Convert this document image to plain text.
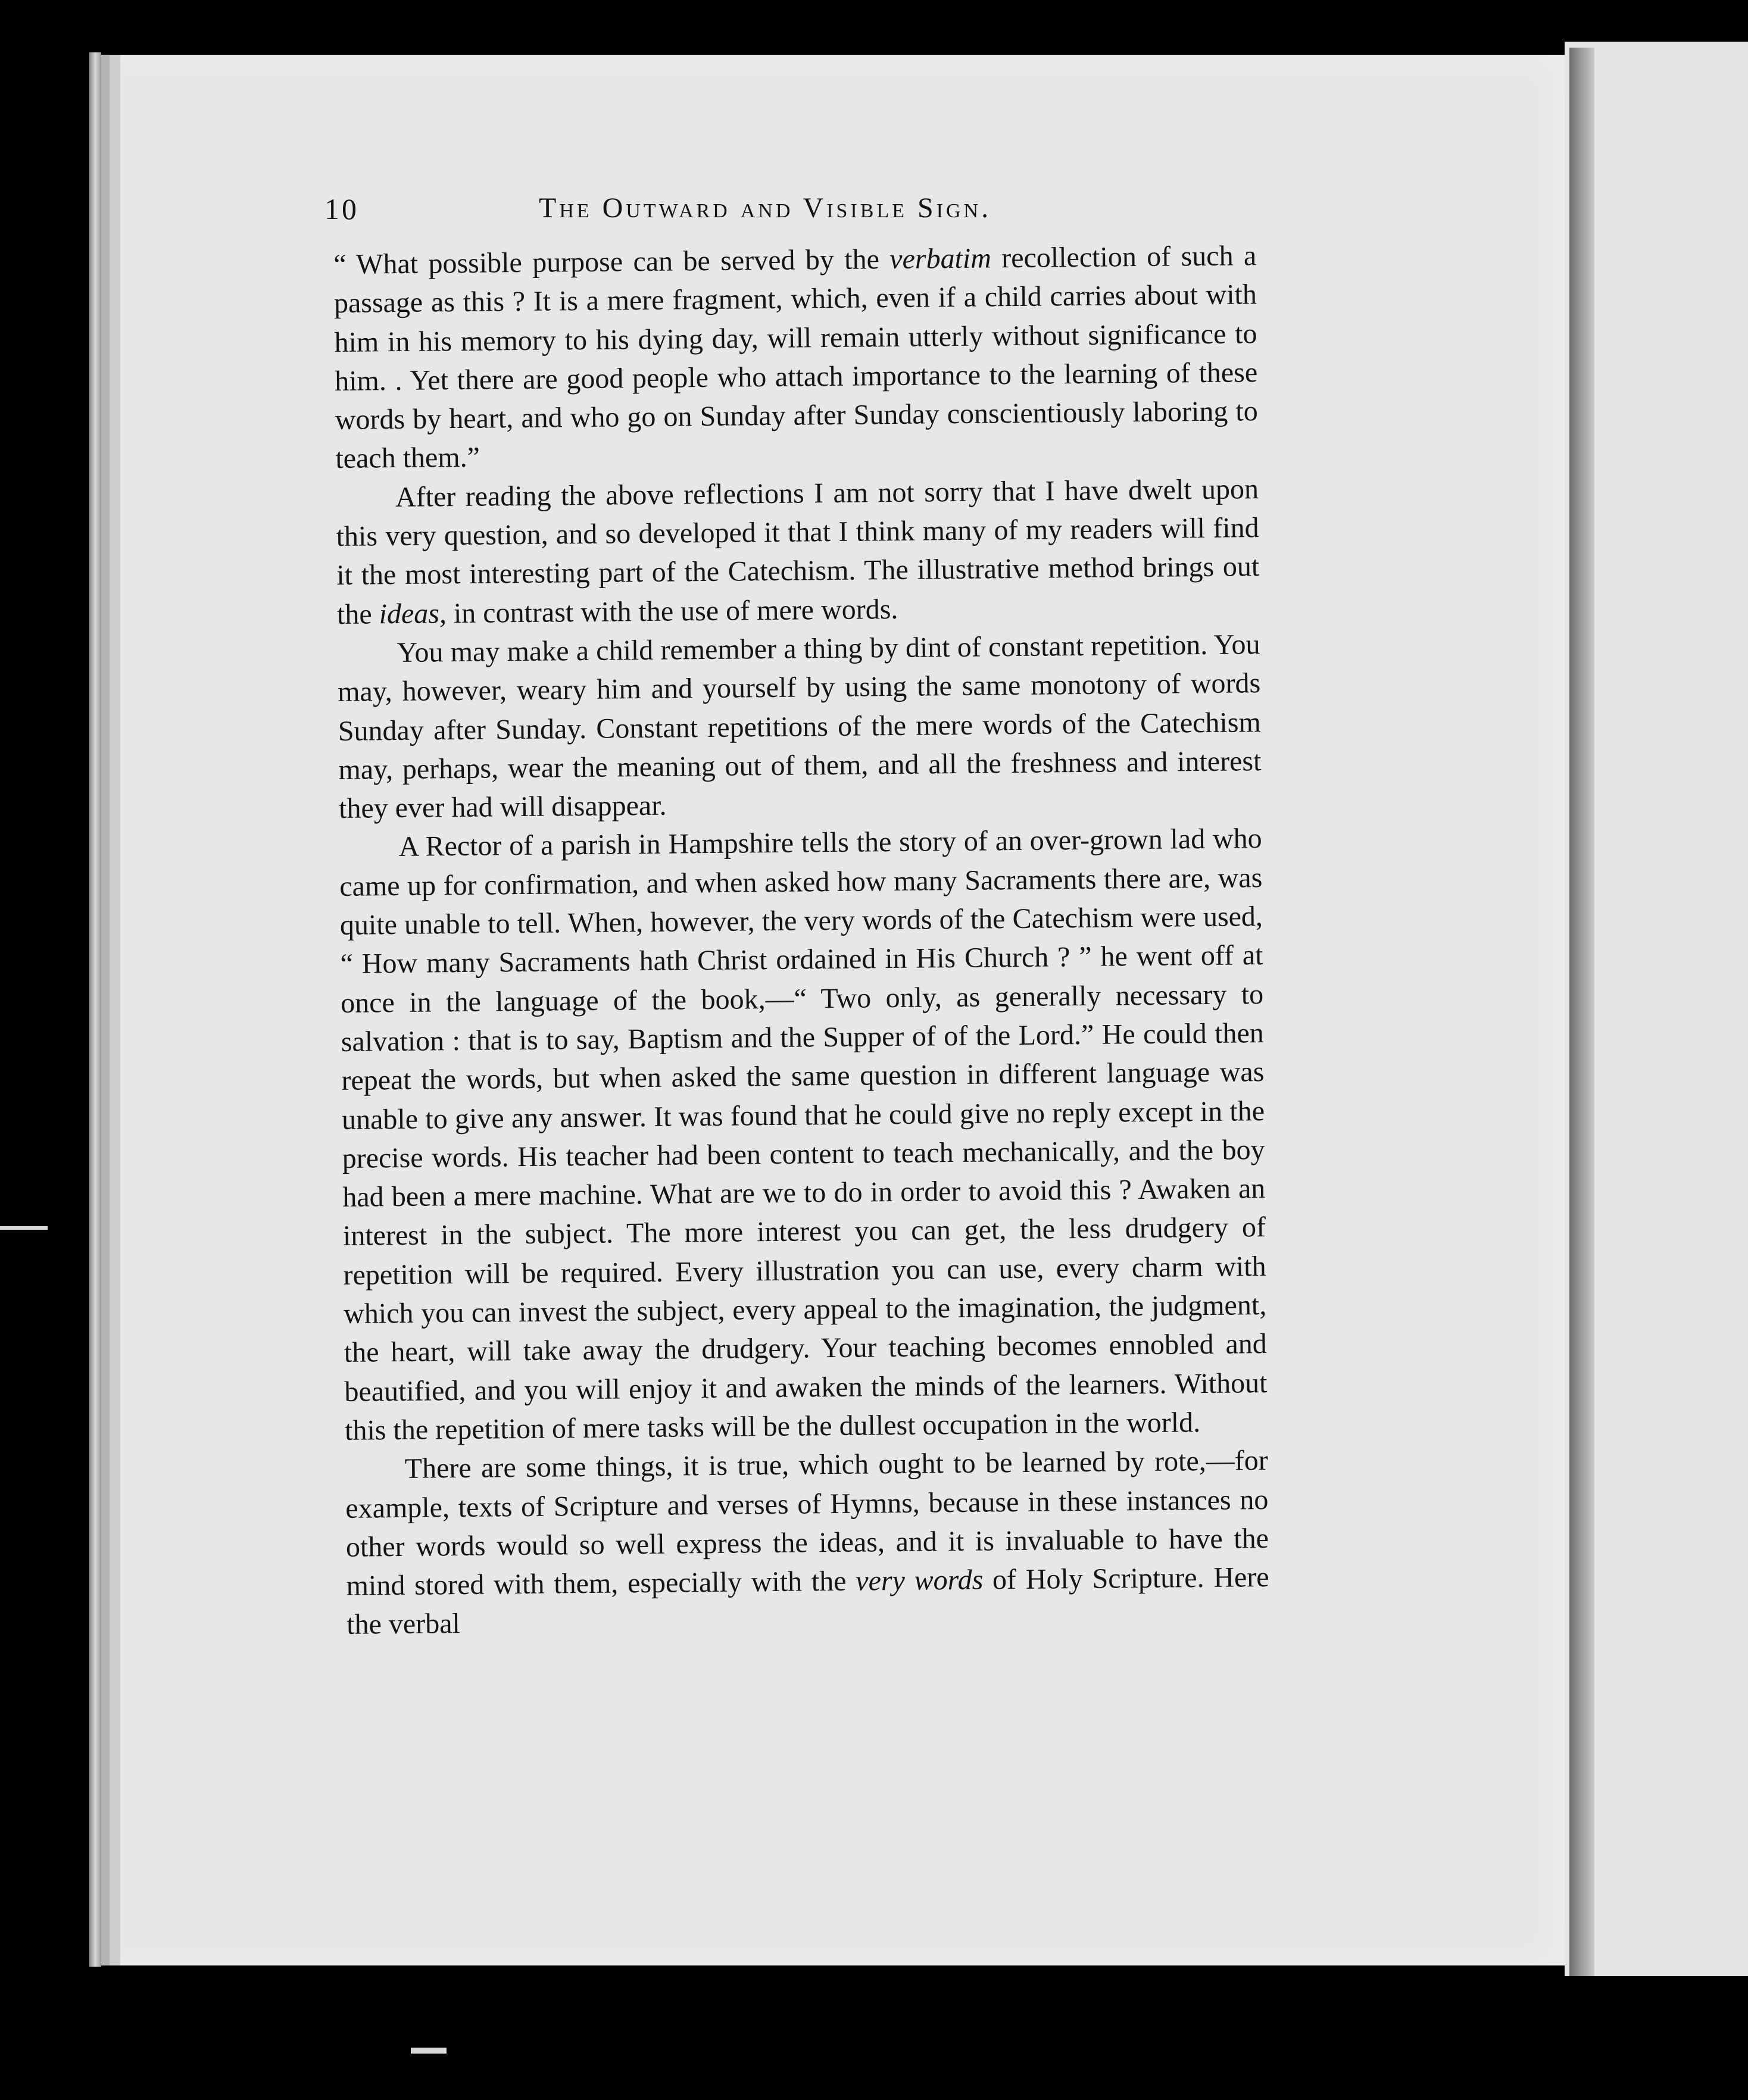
10	The Outward and Visible Sign.

“ What possible purpose can be served by the verbatim recollection of such a passage as this ? It is a mere fragment, which, even if a child carries about with him in his memory to his dying day, will remain utterly without significance to him. . Yet there are good people who attach importance to the learning of these words by heart, and who go on Sunday after Sunday conscientiously laboring to teach them.”

After reading the above reflections I am not sorry that I have dwelt upon this very question, and so developed it that I think many of my readers will find it the most interesting part of the Catechism. The illustrative method brings out the ideas, in contrast with the use of mere words.

You may make a child remember a thing by dint of constant repetition. You may, however, weary him and yourself by using the same monotony of words Sunday after Sunday. Constant repetitions of the mere words of the Catechism may, perhaps, wear the meaning out of them, and all the freshness and interest they ever had will disappear.

A Rector of a parish in Hampshire tells the story of an over-grown lad who came up for confirmation, and when asked how many Sacraments there are, was quite unable to tell. When, however, the very words of the Catechism were used, “ How many Sacraments hath Christ ordained in His Church ? ” he went off at once in the language of the book,—“ Two only, as generally necessary to salvation : that is to say, Baptism and the Supper of of the Lord.” He could then repeat the words, but when asked the same question in different language was unable to give any answer. It was found that he could give no reply except in the precise words. His teacher had been content to teach mechanically, and the boy had been a mere machine. What are we to do in order to avoid this ? Awaken an interest in the subject. The more interest you can get, the less drudgery of repetition will be required. Every illustration you can use, every charm with which you can invest the subject, every appeal to the imagination, the judgment, the heart, will take away the drudgery. Your teaching becomes ennobled and beautified, and you will enjoy it and awaken the minds of the learners. Without this the repetition of mere tasks will be the dullest occupation in the world.

There are some things, it is true, which ought to be learned by rote,—for example, texts of Scripture and verses of Hymns, because in these instances no other words would so well express the ideas, and it is invaluable to have the mind stored with them, especially with the very words of Holy Scripture. Here the verbal
